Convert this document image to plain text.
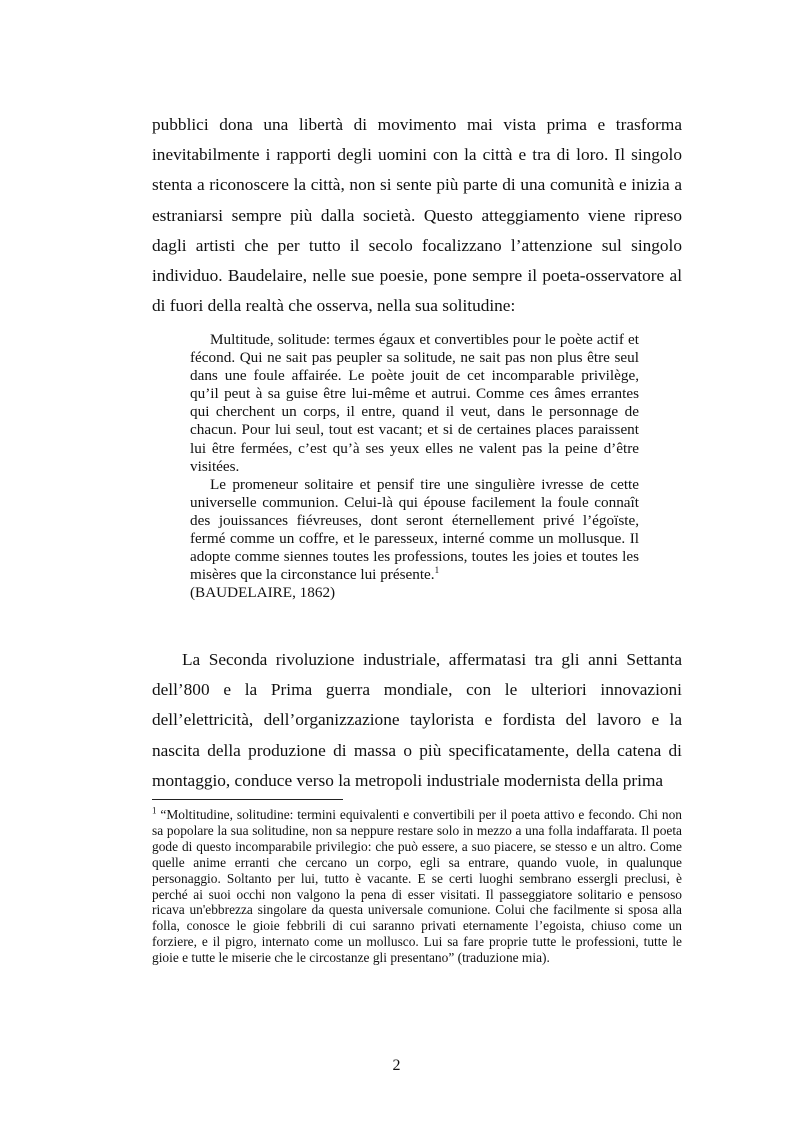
pubblici dona una libertà di movimento mai vista prima e trasforma inevitabilmente i rapporti degli uomini con la città e tra di loro. Il singolo stenta a riconoscere la città, non si sente più parte di una comunità e inizia a estraniarsi sempre più dalla società. Questo atteggiamento viene ripreso dagli artisti che per tutto il secolo focalizzano l’attenzione sul singolo individuo. Baudelaire, nelle sue poesie, pone sempre il poeta-osservatore al di fuori della realtà che osserva, nella sua solitudine:

Multitude, solitude: termes égaux et convertibles pour le poète actif et fécond. Qui ne sait pas peupler sa solitude, ne sait pas non plus être seul dans une foule affairée. Le poète jouit de cet incomparable privilège, qu’il peut à sa guise être lui-même et autrui. Comme ces âmes errantes qui cherchent un corps, il entre, quand il veut, dans le personnage de chacun. Pour lui seul, tout est vacant; et si de certaines places paraissent lui être fermées, c’est qu’à ses yeux elles ne valent pas la peine d’être visitées.

Le promeneur solitaire et pensif tire une singulière ivresse de cette universelle communion. Celui-là qui épouse facilement la foule connaît des jouissances fiévreuses, dont seront éternellement privé l’égoïste, fermé comme un coffre, et le paresseux, interné comme un mollusque. Il adopte comme siennes toutes les professions, toutes les joies et toutes les misères que la circonstance lui présente.$^1$
(BAUDELAIRE, 1862)

La Seconda rivoluzione industriale, affermatasi tra gli anni Settanta dell’800 e la Prima guerra mondiale, con le ulteriori innovazioni dell’elettricità, dell’organizzazione taylorista e fordista del lavoro e la nascita della produzione di massa o più specificatamente, della catena di montaggio, conduce verso la metropoli industriale modernista della prima

$^1$ “Moltitudine, solitudine: termini equivalenti e convertibili per il poeta attivo e fecondo. Chi non sa popolare la sua solitudine, non sa neppure restare solo in mezzo a una folla indaffarata. Il poeta gode di questo incomparabile privilegio: che può essere, a suo piacere, se stesso e un altro. Come quelle anime erranti che cercano un corpo, egli sa entrare, quando vuole, in qualunque personaggio. Soltanto per lui, tutto è vacante. E se certi luoghi sembrano essergli preclusi, è perché ai suoi occhi non valgono la pena di esser visitati. Il passeggiatore solitario e pensoso ricava un'ebbrezza singolare da questa universale comunione. Colui che facilmente si sposa alla folla, conosce le gioie febbrili di cui saranno privati eternamente l’egoista, chiuso come un forziere, e il pigro, internato come un mollusco. Lui sa fare proprie tutte le professioni, tutte le gioie e tutte le miserie che le circostanze gli presentano” (traduzione mia).

2
